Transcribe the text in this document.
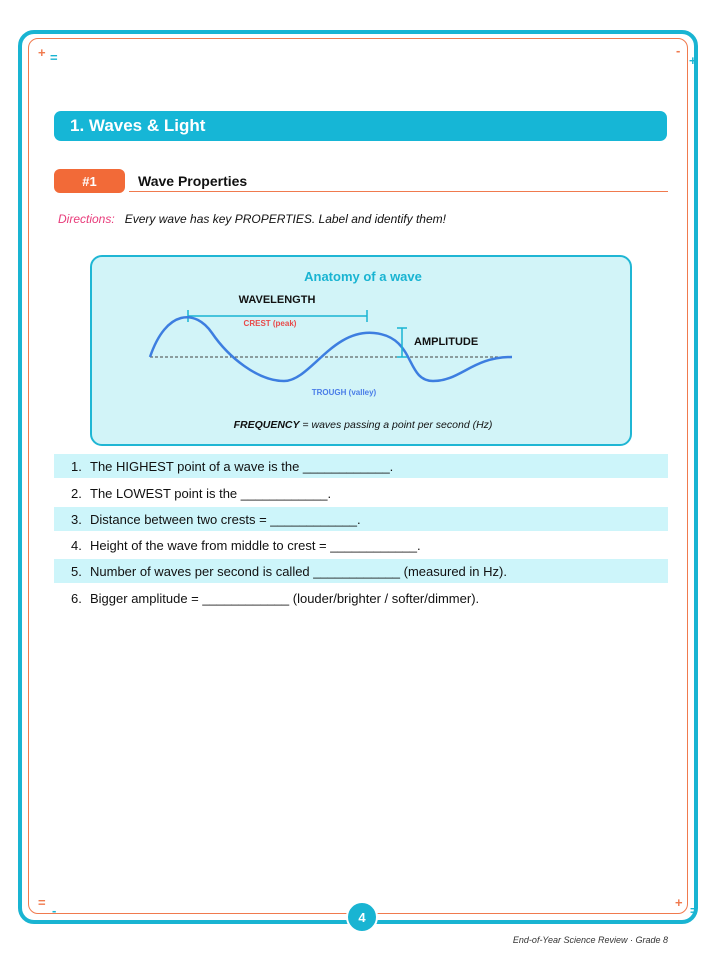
+ =	-
+
=
-
+
=
1. Waves & Light
#1	Wave Properties
Directions: Every wave has key PROPERTIES. Label and identify them!
Anatomy of a wave
WAVELENGTH
CREST (peak)
AMPLITUDE
TROUGH (valley)
FREQUENCY = waves passing a point per second (Hz)
1. The HIGHEST point of a wave is the ____________.
2. The LOWEST point is the ____________.
3. Distance between two crests = ____________.
4. Height of the wave from middle to crest = ____________.
5. Number of waves per second is called ____________ (measured in Hz).
6. Bigger amplitude = ____________ (louder/brighter / softer/dimmer).
4
End-of-Year Science Review · Grade 8
